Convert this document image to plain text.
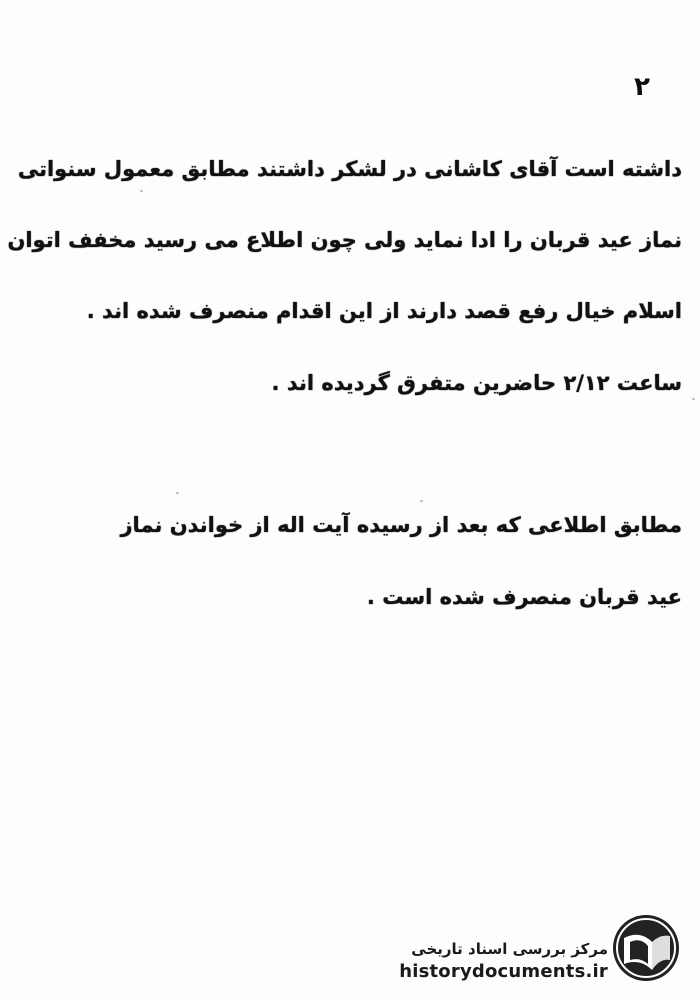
۲
داشته است آقای کاشانی در لشکر داشتند مطابق معمول سنواتی
نماز عید قربان را ادا نماید ولی چون اطلاع می رسید مخفف اتوان
اسلام خیال رفع قصد دارند از این اقدام منصرف شده اند .
ساعت ۲/۱۲ حاضرین متفرق گردیده اند .
مطابق اطلاعی که بعد از رسیده آیت اله از خواندن نماز
عید قربان منصرف شده است .
مرکز بررسی اسناد تاریخی
historydocuments.ir
